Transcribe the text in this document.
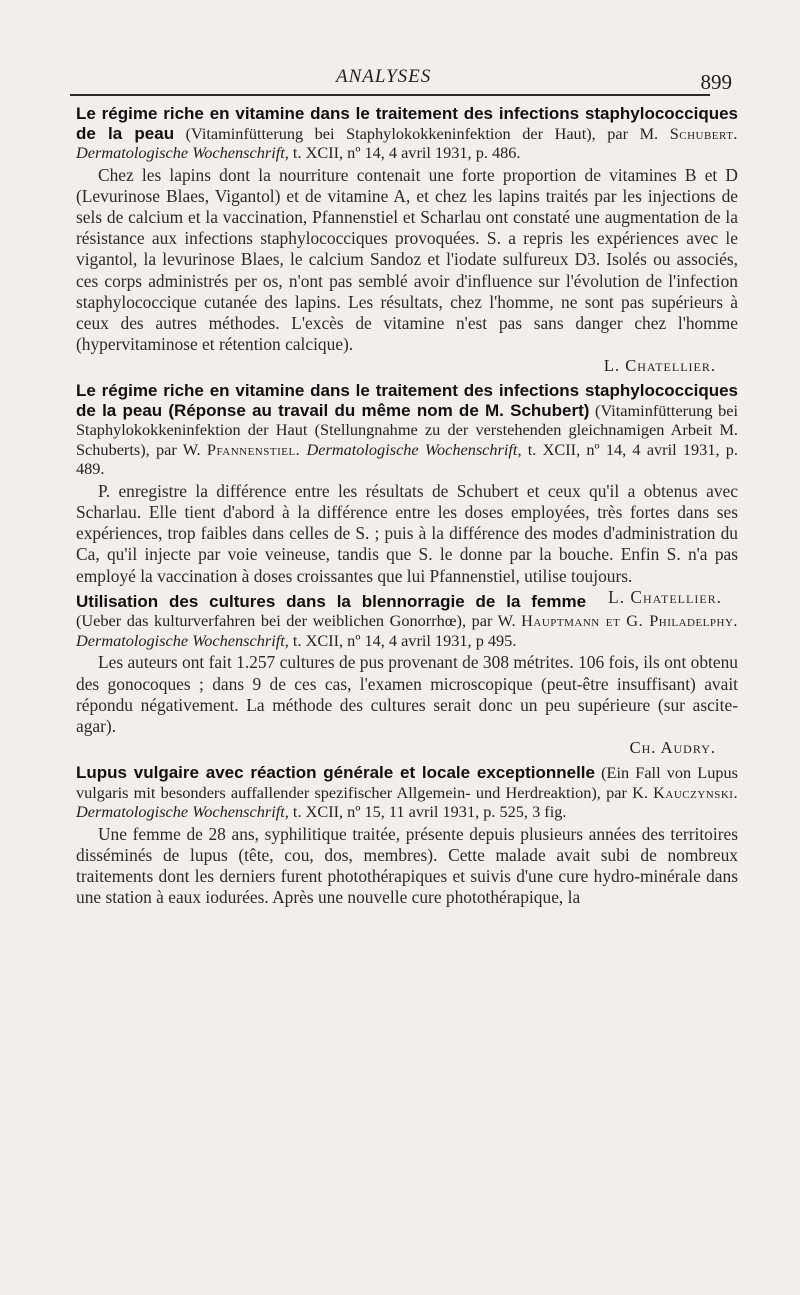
ANALYSES	899
Le régime riche en vitamine dans le traitement des infections staphylococciques de la peau (Vitaminfütterung bei Staphylokokkeninfektion der Haut), par M. Schubert. Dermatologische Wochenschrift, t. XCII, nº 14, 4 avril 1931, p. 486.

Chez les lapins dont la nourriture contenait une forte proportion de vitamines B et D (Levurinose Blaes, Vigantol) et de vitamine A, et chez les lapins traités par les injections de sels de calcium et la vaccination, Pfannenstiel et Scharlau ont constaté une augmentation de la résistance aux infections staphylococciques provoquées. S. a repris les expériences avec le vigantol, la levurinose Blaes, le calcium Sandoz et l'iodate sulfureux D3. Isolés ou associés, ces corps administrés per os, n'ont pas semblé avoir d'influence sur l'évolution de l'infection staphylococcique cutanée des lapins. Les résultats, chez l'homme, ne sont pas supérieurs à ceux des autres méthodes. L'excès de vitamine n'est pas sans danger chez l'homme (hypervitaminose et rétention calcique).

L. Chatellier.
Le régime riche en vitamine dans le traitement des infections staphylococciques de la peau (Réponse au travail du même nom de M. Schubert) (Vitaminfütterung bei Staphylokokkeninfektion der Haut (Stellungnahme zu der verstehenden gleichnamigen Arbeit M. Schuberts), par W. Pfannenstiel. Dermatologische Wochenschrift, t. XCII, nº 14, 4 avril 1931, p. 489.

P. enregistre la différence entre les résultats de Schubert et ceux qu'il a obtenus avec Scharlau. Elle tient d'abord à la différence entre les doses employées, très fortes dans ses expériences, trop faibles dans celles de S. ; puis à la différence des modes d'administration du Ca, qu'il injecte par voie veineuse, tandis que S. le donne par la bouche. Enfin S. n'a pas employé la vaccination à doses croissantes que lui Pfannenstiel, utilise toujours.
L. Chatellier.

Utilisation des cultures dans la blennorragie de la femme (Ueber das kulturverfahren bei der weiblichen Gonorrhœ), par W. Hauptmann et G. Philadelphy. Dermatologische Wochenschrift, t. XCII, nº 14, 4 avril 1931, p 495.

Les auteurs ont fait 1.257 cultures de pus provenant de 308 métrites. 106 fois, ils ont obtenu des gonocoques ; dans 9 de ces cas, l'examen microscopique (peut-être insuffisant) avait répondu négativement. La méthode des cultures serait donc un peu supérieure (sur ascite-agar).

Ch. Audry.
Lupus vulgaire avec réaction générale et locale exceptionnelle (Ein Fall von Lupus vulgaris mit besonders auffallender spezifischer Allgemein- und Herdreaktion), par K. Kauczynski. Dermatologische Wochenschrift, t. XCII, nº 15, 11 avril 1931, p. 525, 3 fig.

Une femme de 28 ans, syphilitique traitée, présente depuis plusieurs années des territoires disséminés de lupus (tête, cou, dos, membres). Cette malade avait subi de nombreux traitements dont les derniers furent photothérapiques et suivis d'une cure hydro-minérale dans une station à eaux iodurées. Après une nouvelle cure photothérapique, la
